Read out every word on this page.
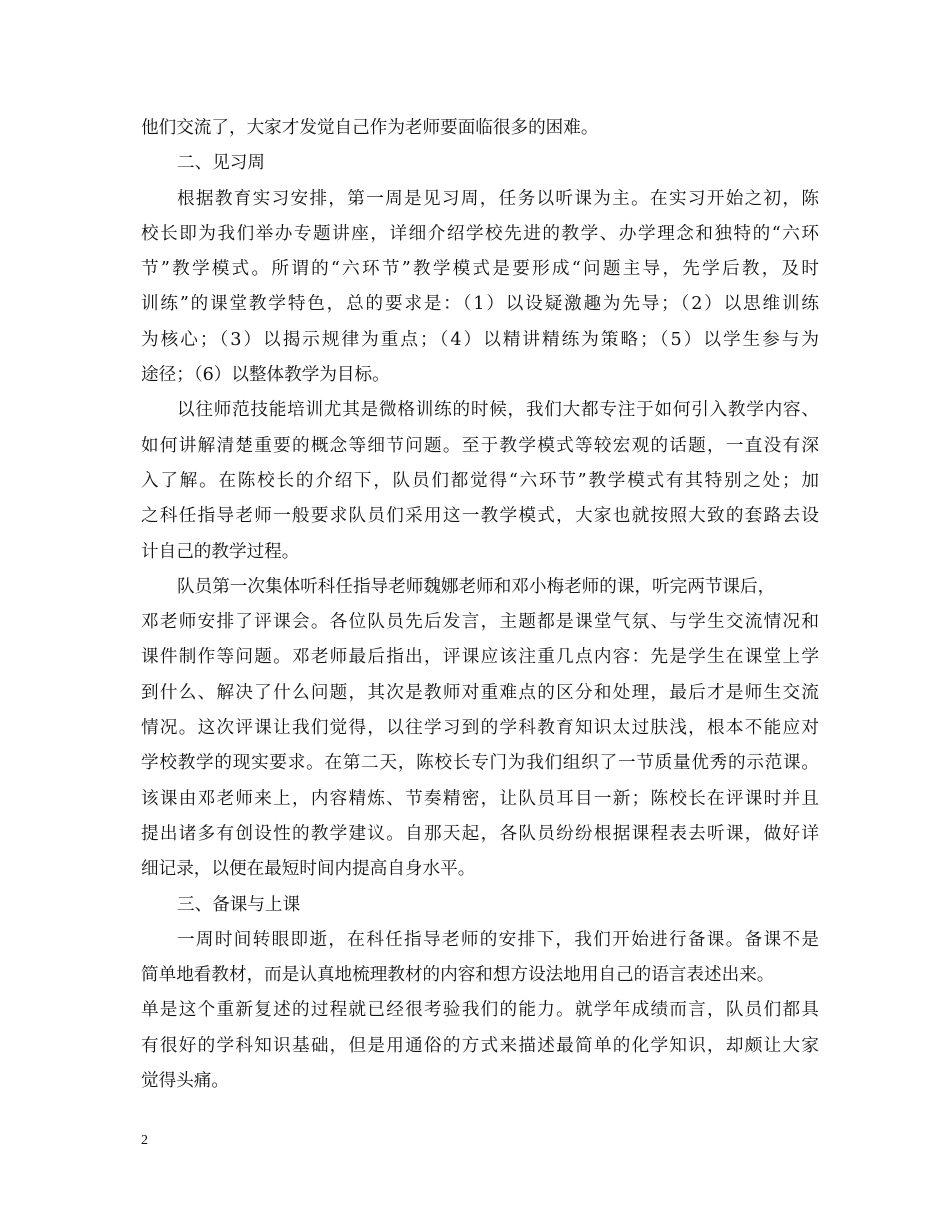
他们交流了，大家才发觉自己作为老师要面临很多的困难。
二、见习周
根据教育实习安排，第一周是见习周，任务以听课为主。在实习开始之初，陈
校长即为我们举办专题讲座，详细介绍学校先进的教学、办学理念和独特的“六环
节”教学模式。所谓的“六环节”教学模式是要形成“问题主导，先学后教，及时
训练”的课堂教学特色，总的要求是：（1）以设疑激趣为先导；（2）以思维训练
为核心；（3）以揭示规律为重点；（4）以精讲精练为策略；（5）以学生参与为
途径；（6）以整体教学为目标。
以往师范技能培训尤其是微格训练的时候，我们大都专注于如何引入教学内容、
如何讲解清楚重要的概念等细节问题。至于教学模式等较宏观的话题，一直没有深
入了解。在陈校长的介绍下，队员们都觉得“六环节”教学模式有其特别之处；加
之科任指导老师一般要求队员们采用这一教学模式，大家也就按照大致的套路去设
计自己的教学过程。
队员第一次集体听科任指导老师魏娜老师和邓小梅老师的课，听完两节课后，
邓老师安排了评课会。各位队员先后发言，主题都是课堂气氛、与学生交流情况和
课件制作等问题。邓老师最后指出，评课应该注重几点内容：先是学生在课堂上学
到什么、解决了什么问题，其次是教师对重难点的区分和处理，最后才是师生交流
情况。这次评课让我们觉得，以往学习到的学科教育知识太过肤浅，根本不能应对
学校教学的现实要求。在第二天，陈校长专门为我们组织了一节质量优秀的示范课。
该课由邓老师来上，内容精炼、节奏精密，让队员耳目一新；陈校长在评课时并且
提出诸多有创设性的教学建议。自那天起，各队员纷纷根据课程表去听课，做好详
细记录，以便在最短时间内提高自身水平。
三、备课与上课
一周时间转眼即逝，在科任指导老师的安排下，我们开始进行备课。备课不是
简单地看教材，而是认真地梳理教材的内容和想方设法地用自己的语言表述出来。
单是这个重新复述的过程就已经很考验我们的能力。就学年成绩而言，队员们都具
有很好的学科知识基础，但是用通俗的方式来描述最简单的化学知识，却颇让大家
觉得头痛。
2
